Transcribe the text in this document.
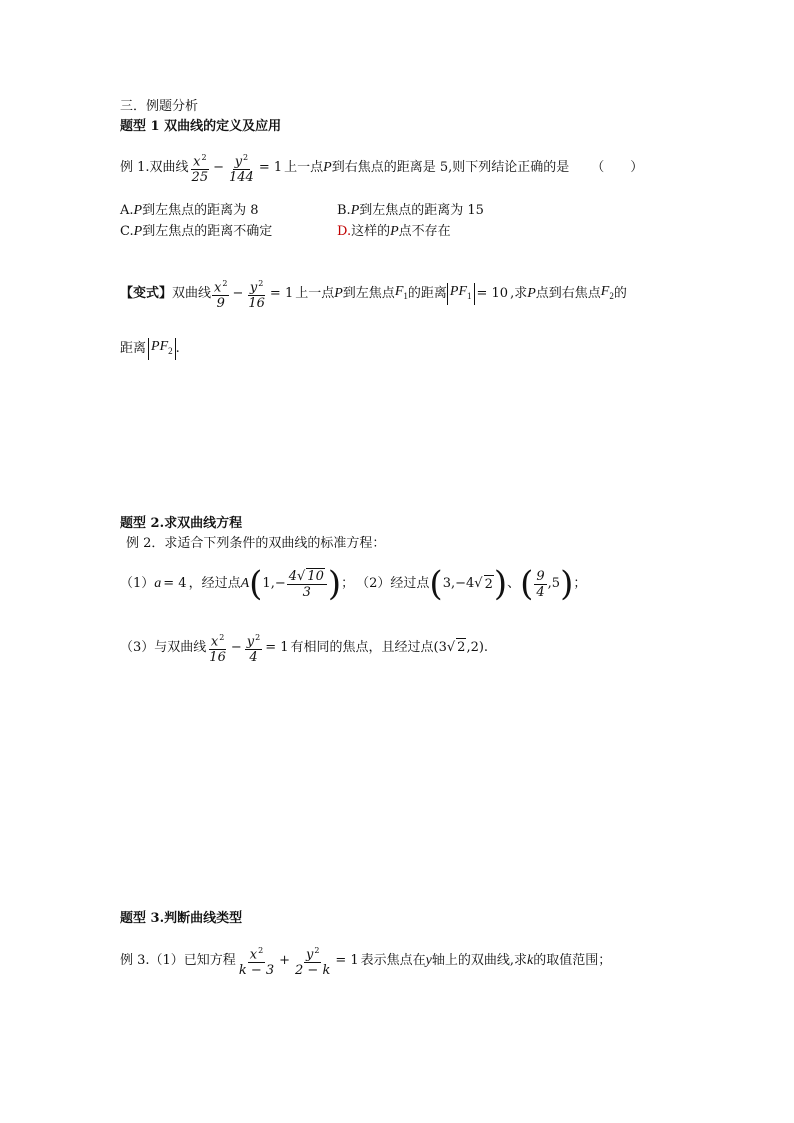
三．例题分析
题型 1 双曲线的定义及应用
例 1.双曲线 $\frac{x^2}{25} - \frac{y^2}{144} = 1$ 上一点 P 到右焦点的距离是 5,则下列结论正确的是 （　　）
A.P到左焦点的距离为 8	B.P到左焦点的距离为 15
C.P到左焦点的距离不确定	D.这样的P点不存在
【变式】 双曲线 $\frac{x^2}{9} - \frac{y^2}{16} = 1$ 上一点 P 到左焦点 $F_1$ 的距离 $PF_1 = 10$ ,求 P 点到右焦点 $F_2$ 的
距离 $PF_2$ .
题型 2.求双曲线方程
例 2．求适合下列条件的双曲线的标准方程：
（1） a = 4 ，经过点 A ( $1,- \frac{4√ 10}{3}$ ) ； （2） 经过点 ( 3,−4 √ 2 ) 、 ( $\frac{9}{4} ,5$ ) ；
（3） 与双曲线 $\frac{x^2}{16} - \frac{y^2}{4} = 1$ 有相同的焦点，且经过点 (3 √ 2 ,2) .
题型 3.判断曲线类型
例 3.（1）已知方程 $\frac{x^2}{k - 3} + \frac{y^2}{2 - k} = 1$ 表示焦点在 y 轴上的双曲线,求 k 的取值范围；
